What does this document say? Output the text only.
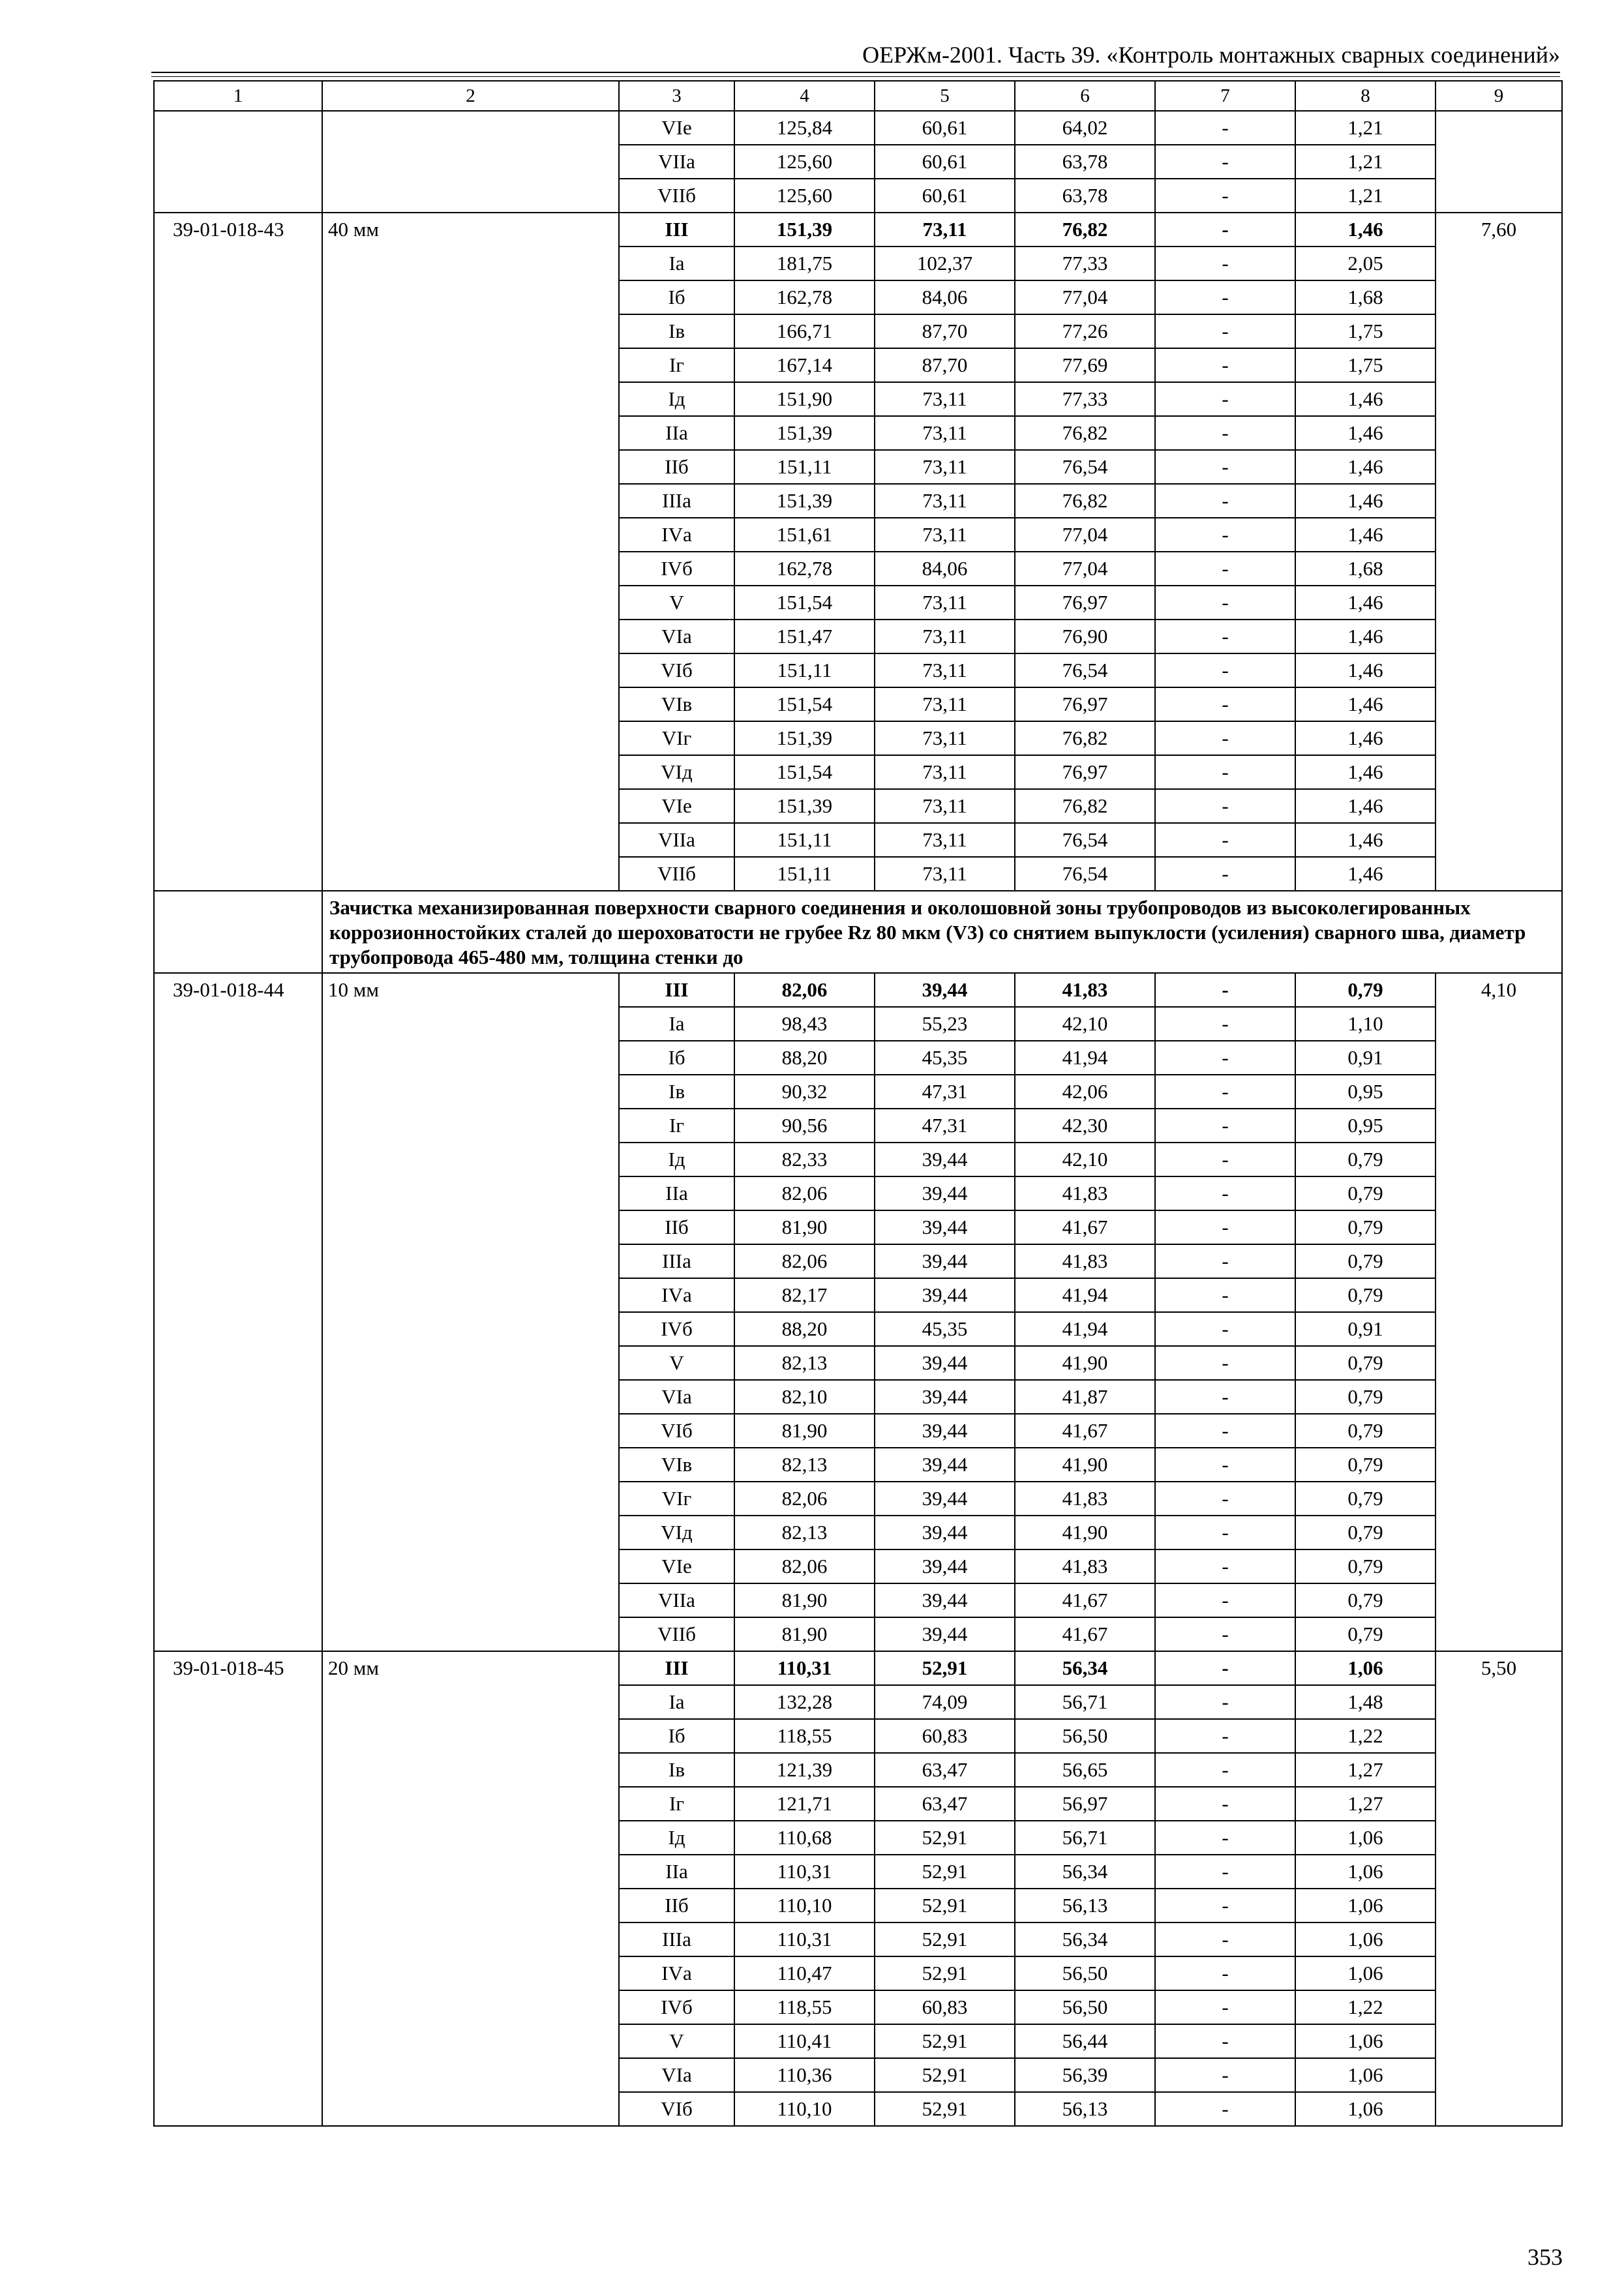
ОЕРЖм-2001. Часть 39. «Контроль монтажных сварных соединений»
1	2	3	4	5	6	7	8	9
		VIе	125,84	60,61	64,02	-	1,21	
		VIIа	125,60	60,61	63,78	-	1,21	
		VIIб	125,60	60,61	63,78	-	1,21	
39-01-018-43	40 мм	III	151,39	73,11	76,82	-	1,46	7,60
		Iа	181,75	102,37	77,33	-	2,05	
		Iб	162,78	84,06	77,04	-	1,68	
		Iв	166,71	87,70	77,26	-	1,75	
		Iг	167,14	87,70	77,69	-	1,75	
		Iд	151,90	73,11	77,33	-	1,46	
		IIа	151,39	73,11	76,82	-	1,46	
		IIб	151,11	73,11	76,54	-	1,46	
		IIIа	151,39	73,11	76,82	-	1,46	
		IVа	151,61	73,11	77,04	-	1,46	
		IVб	162,78	84,06	77,04	-	1,68	
		V	151,54	73,11	76,97	-	1,46	
		VIа	151,47	73,11	76,90	-	1,46	
		VIб	151,11	73,11	76,54	-	1,46	
		VIв	151,54	73,11	76,97	-	1,46	
		VIг	151,39	73,11	76,82	-	1,46	
		VIд	151,54	73,11	76,97	-	1,46	
		VIе	151,39	73,11	76,82	-	1,46	
		VIIа	151,11	73,11	76,54	-	1,46	
		VIIб	151,11	73,11	76,54	-	1,46	
	Зачистка механизированная поверхности сварного соединения и околошовной зоны трубопроводов из высоколегированных коррозионностойких сталей до шероховатости не грубее Rz 80 мкм (V3) со снятием выпуклости (усиления) сварного шва, диаметр трубопровода 465-480 мм, толщина стенки до							
39-01-018-44	10 мм	III	82,06	39,44	41,83	-	0,79	4,10
		Iа	98,43	55,23	42,10	-	1,10	
		Iб	88,20	45,35	41,94	-	0,91	
		Iв	90,32	47,31	42,06	-	0,95	
		Iг	90,56	47,31	42,30	-	0,95	
		Iд	82,33	39,44	42,10	-	0,79	
		IIа	82,06	39,44	41,83	-	0,79	
		IIб	81,90	39,44	41,67	-	0,79	
		IIIа	82,06	39,44	41,83	-	0,79	
		IVа	82,17	39,44	41,94	-	0,79	
		IVб	88,20	45,35	41,94	-	0,91	
		V	82,13	39,44	41,90	-	0,79	
		VIа	82,10	39,44	41,87	-	0,79	
		VIб	81,90	39,44	41,67	-	0,79	
		VIв	82,13	39,44	41,90	-	0,79	
		VIг	82,06	39,44	41,83	-	0,79	
		VIд	82,13	39,44	41,90	-	0,79	
		VIе	82,06	39,44	41,83	-	0,79	
		VIIа	81,90	39,44	41,67	-	0,79	
		VIIб	81,90	39,44	41,67	-	0,79	
39-01-018-45	20 мм	III	110,31	52,91	56,34	-	1,06	5,50
		Iа	132,28	74,09	56,71	-	1,48	
		Iб	118,55	60,83	56,50	-	1,22	
		Iв	121,39	63,47	56,65	-	1,27	
		Iг	121,71	63,47	56,97	-	1,27	
		Iд	110,68	52,91	56,71	-	1,06	
		IIа	110,31	52,91	56,34	-	1,06	
		IIб	110,10	52,91	56,13	-	1,06	
		IIIа	110,31	52,91	56,34	-	1,06	
		IVа	110,47	52,91	56,50	-	1,06	
		IVб	118,55	60,83	56,50	-	1,22	
		V	110,41	52,91	56,44	-	1,06	
		VIа	110,36	52,91	56,39	-	1,06	
		VIб	110,10	52,91	56,13	-	1,06	
353
